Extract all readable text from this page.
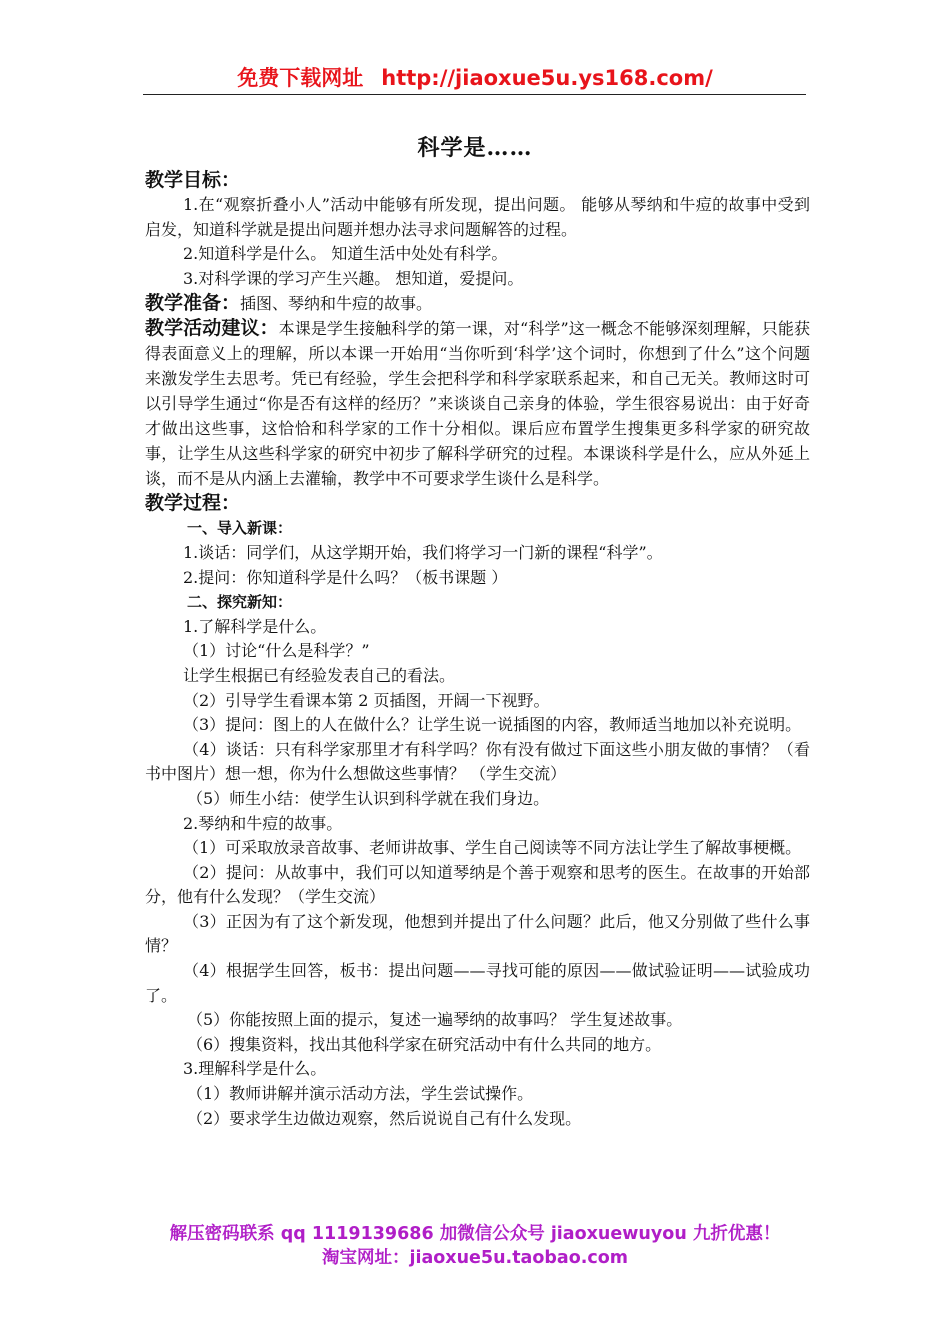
免费下载网址 http://jiaoxue5u.ys168.com/
科学是……
教学目标：

1.在“观察折叠小人”活动中能够有所发现，提出问题。 能够从琴纳和牛痘的故事中受到启发，知道科学就是提出问题并想办法寻求问题解答的过程。

2.知道科学是什么。 知道生活中处处有科学。

3.对科学课的学习产生兴趣。 想知道，爱提问。

教学准备：插图、琴纳和牛痘的故事。

教学活动建议：本课是学生接触科学的第一课，对“科学”这一概念不能够深刻理解，只能获得表面意义上的理解，所以本课一开始用“当你听到‘科学’这个词时，你想到了什么”这个问题来激发学生去思考。凭已有经验，学生会把科学和科学家联系起来，和自己无关。教师这时可以引导学生通过“你是否有这样的经历？”来谈谈自己亲身的体验，学生很容易说出：由于好奇才做出这些事，这恰恰和科学家的工作十分相似。课后应布置学生搜集更多科学家的研究故事，让学生从这些科学家的研究中初步了解科学研究的过程。本课谈科学是什么，应从外延上谈，而不是从内涵上去灌输，教学中不可要求学生谈什么是科学。

教学过程：

一、导入新课：

1.谈话：同学们，从这学期开始，我们将学习一门新的课程“科学”。

2.提问：你知道科学是什么吗？（板书课题 ）

二、探究新知：

1.了解科学是什么。

（1）讨论“什么是科学？”

让学生根据已有经验发表自己的看法。

（2）引导学生看课本第 2 页插图，开阔一下视野。

（3）提问：图上的人在做什么？让学生说一说插图的内容，教师适当地加以补充说明。

（4）谈话：只有科学家那里才有科学吗？你有没有做过下面这些小朋友做的事情？（看书中图片）想一想，你为什么想做这些事情？ （学生交流）

（5）师生小结：使学生认识到科学就在我们身边。

2.琴纳和牛痘的故事。

（1）可采取放录音故事、老师讲故事、学生自己阅读等不同方法让学生了解故事梗概。

（2）提问：从故事中，我们可以知道琴纳是个善于观察和思考的医生。在故事的开始部分，他有什么发现？（学生交流）

（3）正因为有了这个新发现，他想到并提出了什么问题？此后，他又分别做了些什么事情？

（4）根据学生回答，板书：提出问题——寻找可能的原因——做试验证明——试验成功了。

（5）你能按照上面的提示，复述一遍琴纳的故事吗？ 学生复述故事。

（6）搜集资料，找出其他科学家在研究活动中有什么共同的地方。

3.理解科学是什么。

（1）教师讲解并演示活动方法，学生尝试操作。

（2）要求学生边做边观察，然后说说自己有什么发现。

解压密码联系 qq 1119139686 加微信公众号 jiaoxuewuyou 九折优惠！
淘宝网址：jiaoxue5u.taobao.com
